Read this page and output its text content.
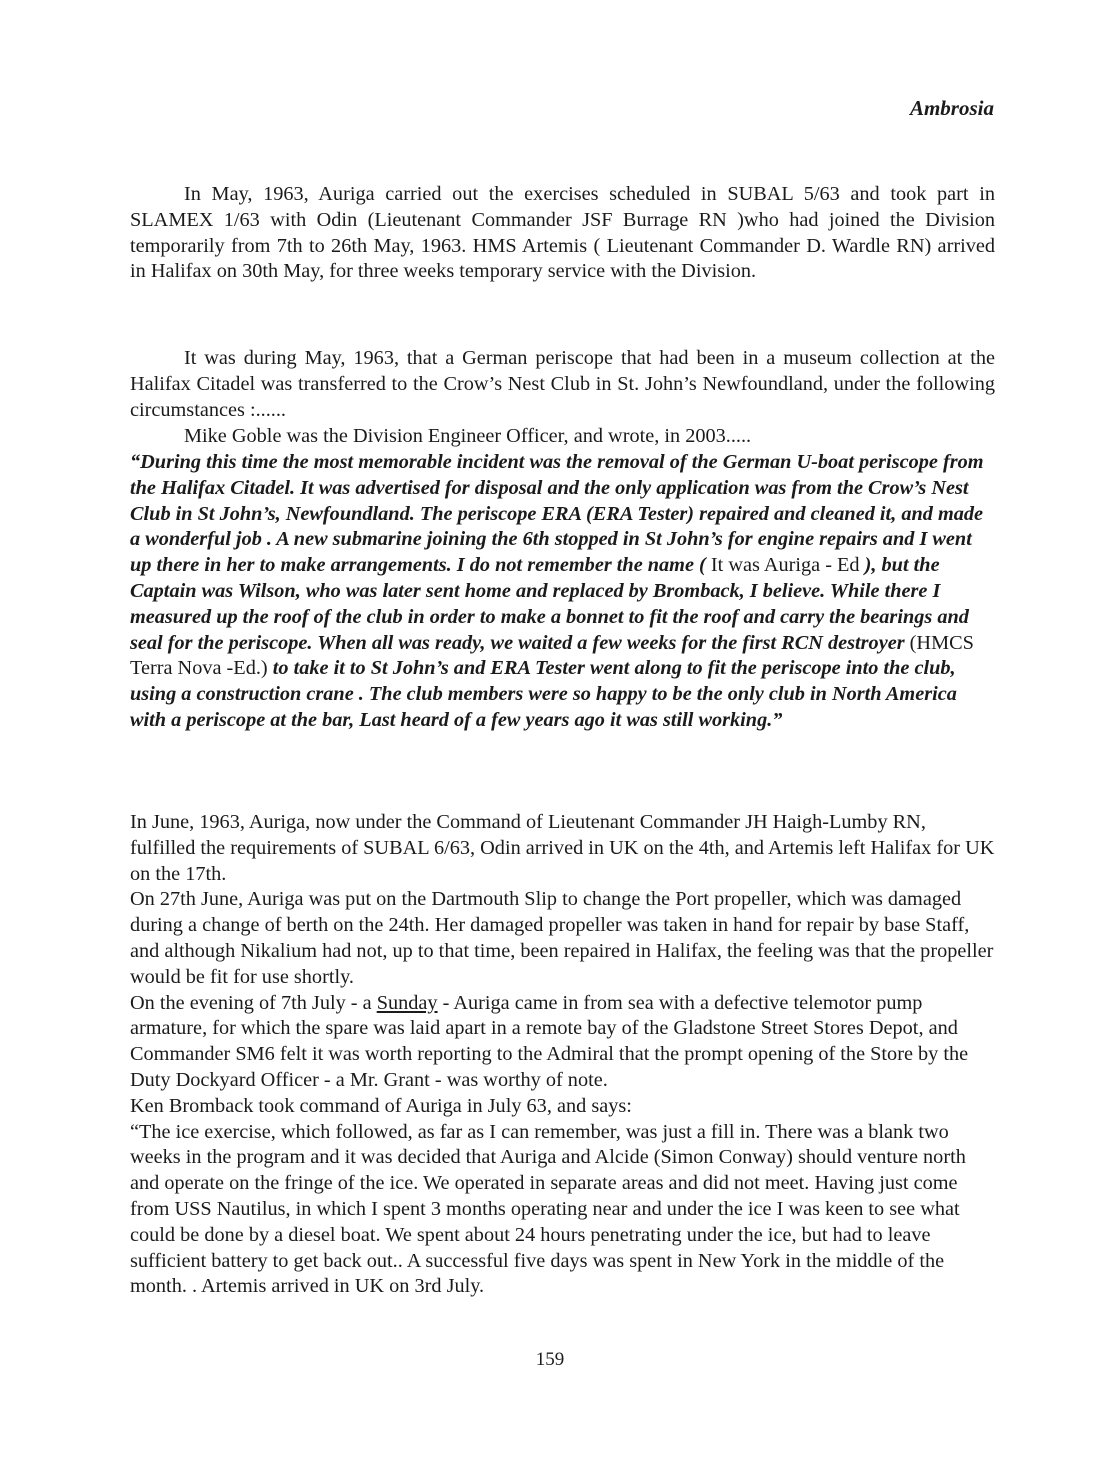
Ambrosia

In May, 1963, Auriga carried out the exercises scheduled in SUBAL 5/63 and took part in SLAMEX 1/63 with Odin (Lieutenant Commander JSF Burrage RN )who had joined the Division temporarily from 7th to 26th May, 1963. HMS Artemis ( Lieutenant Commander D. Wardle RN) arrived in Halifax on 30th May, for three weeks temporary service with the Division.

It was during May, 1963, that a German periscope that had been in a museum collection at the Halifax Citadel was transferred to the Crow’s Nest Club in St. John’s Newfoundland, under the following circumstances :......

Mike Goble was the Division Engineer Officer, and wrote, in 2003.....

“During this time the most memorable incident was the removal of the German U-boat periscope from the Halifax Citadel. It was advertised for disposal and the only application was from the Crow’s Nest Club in St John’s, Newfoundland. The periscope ERA (ERA Tester) repaired and cleaned it, and made a wonderful job . A new submarine joining the 6th stopped in St John’s for engine repairs and I went up there in her to make arrangements. I do not remember the name ( It was Auriga - Ed ), but the Captain was Wilson, who was later sent home and replaced by Bromback, I believe. While there I measured up the roof of the club in order to make a bonnet to fit the roof and carry the bearings and seal for the periscope. When all was ready, we waited a few weeks for the first RCN destroyer (HMCS Terra Nova -Ed.) to take it to St John’s and ERA Tester went along to fit the periscope into the club, using a construction crane . The club members were so happy to be the only club in North America with a periscope at the bar, Last heard of a few years ago it was still working.”

In June, 1963, Auriga, now under the Command of Lieutenant Commander JH Haigh-Lumby RN, fulfilled the requirements of SUBAL 6/63, Odin arrived in UK on the 4th, and Artemis left Halifax for UK on the 17th.

On 27th June, Auriga was put on the Dartmouth Slip to change the Port propeller, which was damaged during a change of berth on the 24th. Her damaged propeller was taken in hand for repair by base Staff, and although Nikalium had not, up to that time, been repaired in Halifax, the feeling was that the propeller would be fit for use shortly.

On the evening of 7th July - a Sunday - Auriga came in from sea with a defective telemotor pump armature, for which the spare was laid apart in a remote bay of the Gladstone Street Stores Depot, and Commander SM6 felt it was worth reporting to the Admiral that the prompt opening of the Store by the Duty Dockyard Officer - a Mr. Grant - was worthy of note.

Ken Bromback took command of Auriga in July 63, and says:

“The ice exercise, which followed, as far as I can remember, was just a fill in. There was a blank two weeks in the program and it was decided that Auriga and Alcide (Simon Conway) should venture north and operate on the fringe of the ice. We operated in separate areas and did not meet. Having just come from USS Nautilus, in which I spent 3 months operating near and under the ice I was keen to see what could be done by a diesel boat. We spent about 24 hours penetrating under the ice, but had to leave sufficient battery to get back out.. A successful five days was spent in New York in the middle of the month. . Artemis arrived in UK on 3rd July.

159
